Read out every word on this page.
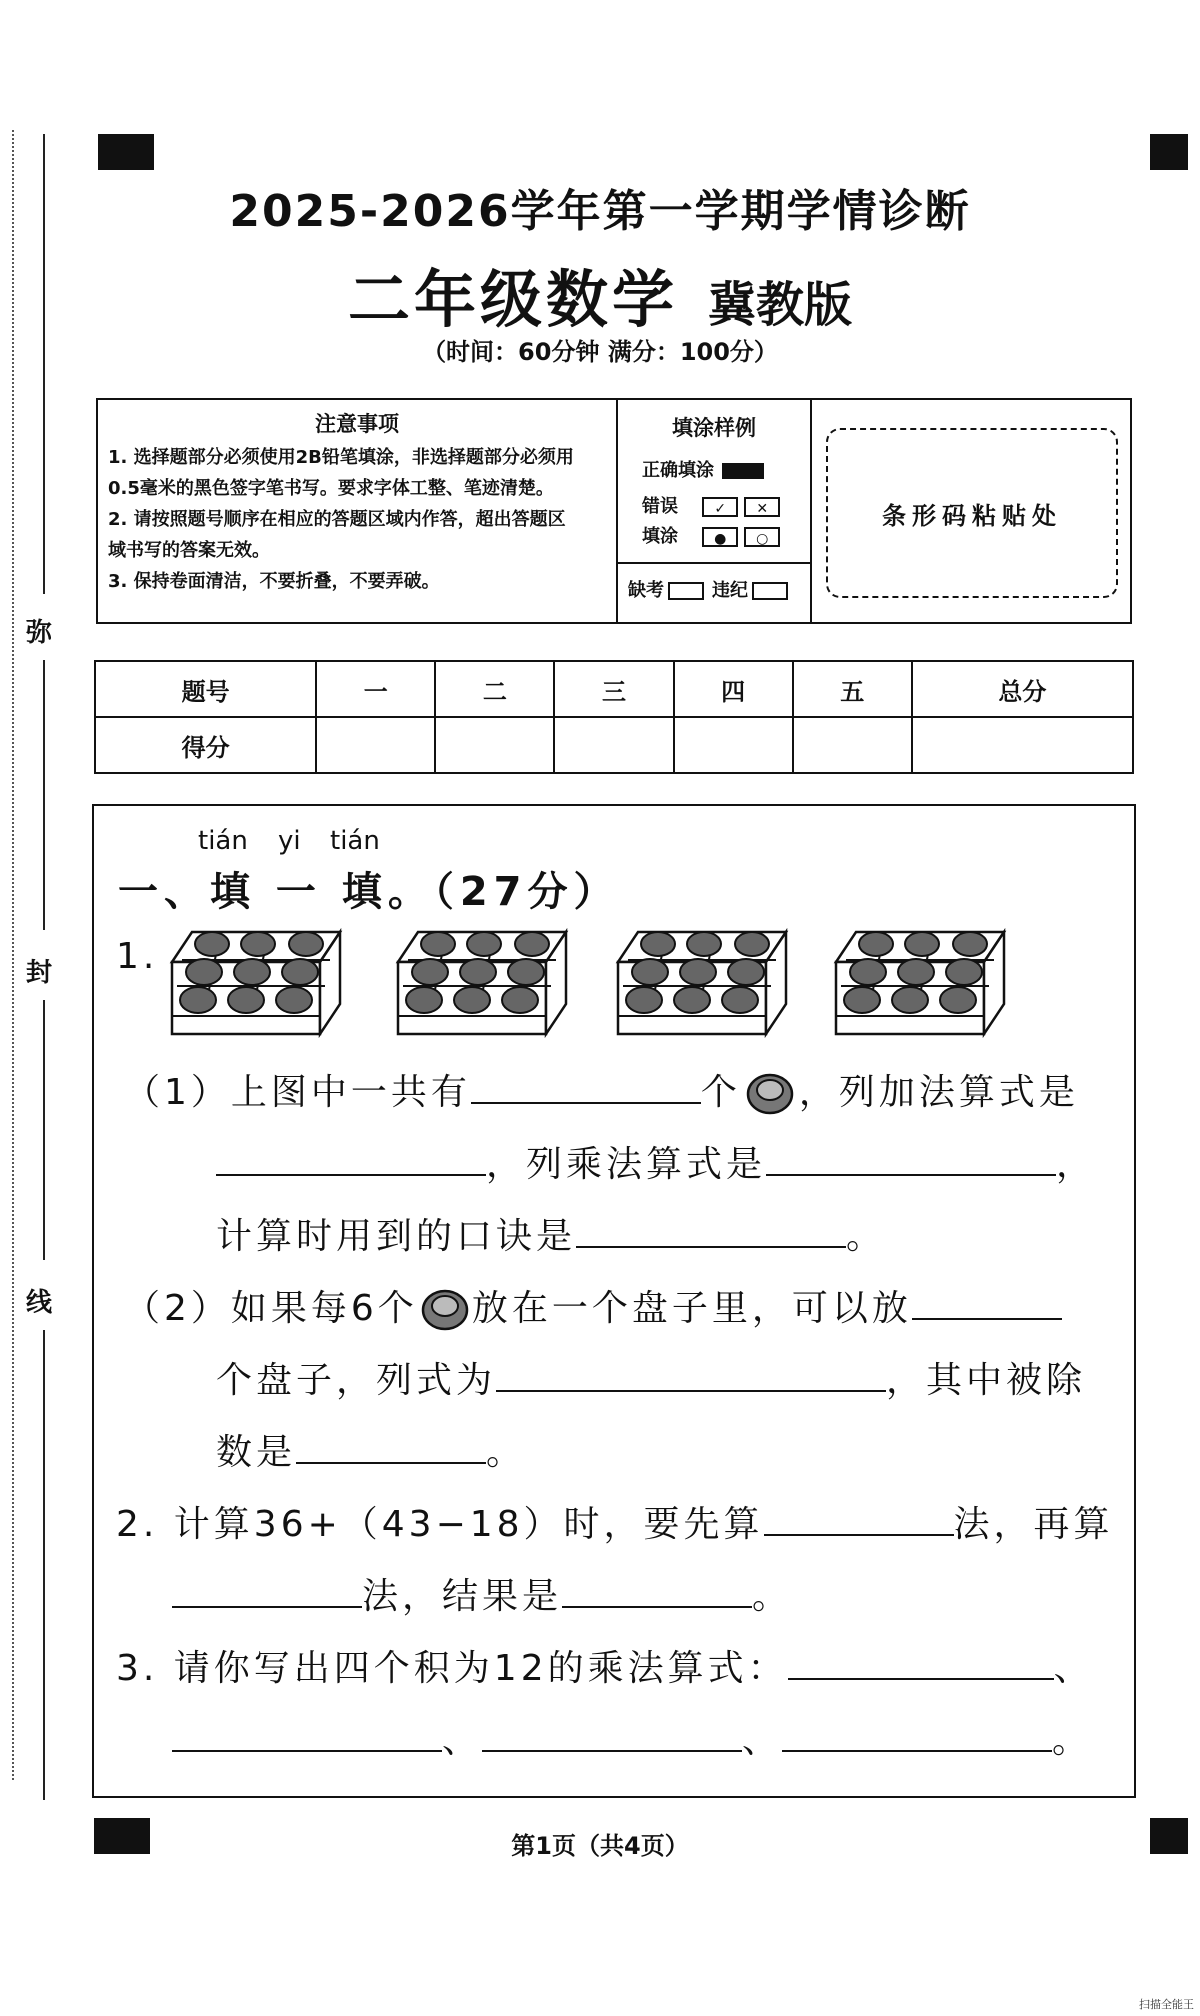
弥
封
线
2025-2026学年第一学期学情诊断
二年级数学 冀教版
（时间：60分钟 满分：100分）
注意事项
1. 选择题部分必须使用2B铅笔填涂，非选择题部分必须用
0.5毫米的黑色签字笔书写。要求字体工整、笔迹清楚。
2. 请按照题号顺序在相应的答题区域内作答，超出答题区
域书写的答案无效。
3. 保持卷面清洁，不要折叠，不要弄破。
填涂样例
正确填涂
错误	✓ ✕
填涂	● ○
缺考	违纪
条形码粘贴处
题号	一	二	三	四	五	总分
得分						
tián yi tián
一、填 一 填。（27分）
1.
（1）上图中一共有	个 ，列加法算式是
，列乘法算式是	，
计算时用到的口诀是	。
（2）如果每6个 放在一个盘子里，可以放
个盘子，列式为	，其中被除
数是	。
2. 计算36+（43−18）时，要先算	法，再算
法，结果是	。
3. 请你写出四个积为12的乘法算式：	、
、	、	。
第1页（共4页）
扫描全能王
